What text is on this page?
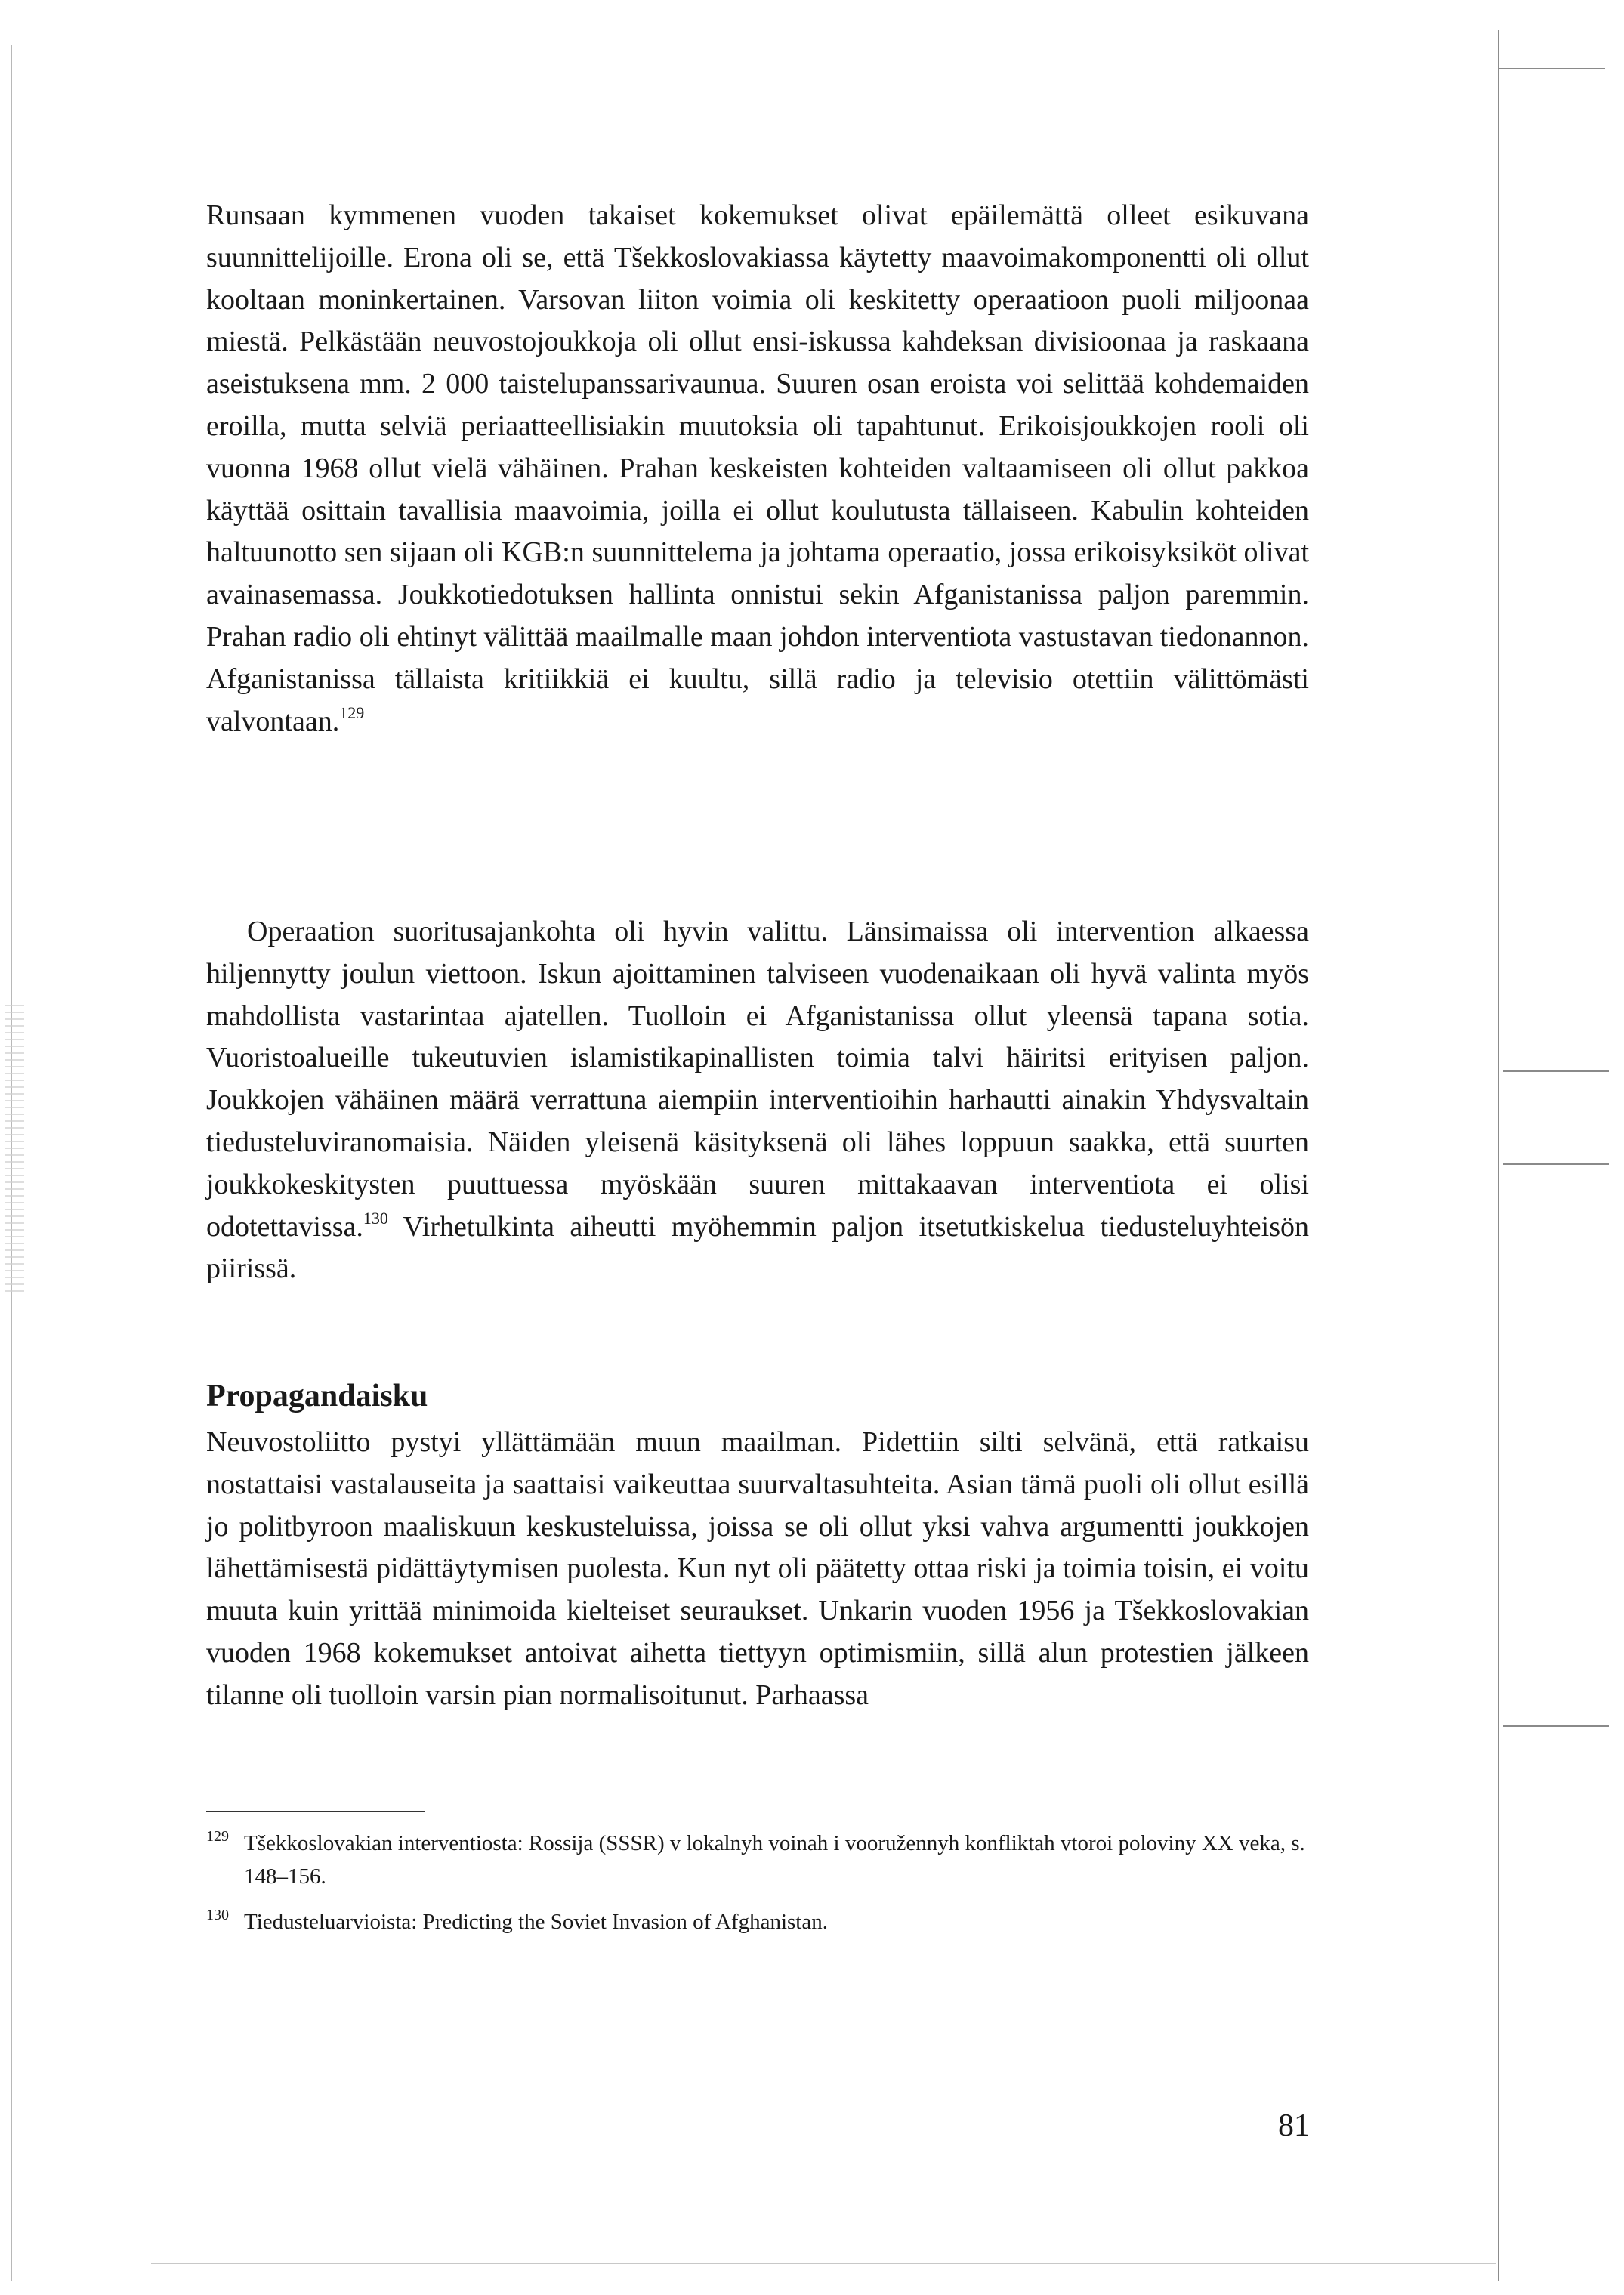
Runsaan kymmenen vuoden takaiset kokemukset olivat epäilemättä olleet esikuvana suunnittelijoille. Erona oli se, että Tšekkoslovakiassa käytetty maavoimakomponentti oli ollut kooltaan moninkertainen. Varsovan liiton voimia oli keskitetty operaatioon puoli miljoonaa miestä. Pelkästään neuvostojoukkoja oli ollut ensi-iskussa kahdeksan divisioonaa ja raskaana aseistuksena mm. 2 000 taistelupanssarivaunua. Suuren osan eroista voi selittää kohdemaiden eroilla, mutta selviä periaatteellisiakin muutoksia oli tapahtunut. Erikoisjoukkojen rooli oli vuonna 1968 ollut vielä vähäinen. Prahan keskeisten kohteiden valtaamiseen oli ollut pakkoa käyttää osittain tavallisia maavoimia, joilla ei ollut koulutusta tällaiseen. Kabulin kohteiden haltuunotto sen sijaan oli KGB:n suunnittelema ja johtama operaatio, jossa erikoisyksiköt olivat avainasemassa. Joukkotiedotuksen hallinta onnistui sekin Afganistanissa paljon paremmin. Prahan radio oli ehtinyt välittää maailmalle maan johdon interventiota vastustavan tiedonannon. Afganistanissa tällaista kritiikkiä ei kuultu, sillä radio ja televisio otettiin välittömästi valvontaan.$^{129}$

Operaation suoritusajankohta oli hyvin valittu. Länsimaissa oli intervention alkaessa hiljennytty joulun viettoon. Iskun ajoittaminen talviseen vuodenaikaan oli hyvä valinta myös mahdollista vastarintaa ajatellen. Tuolloin ei Afganistanissa ollut yleensä tapana sotia. Vuoristoalueille tukeutuvien islamistikapinallisten toimia talvi häiritsi erityisen paljon. Joukkojen vähäinen määrä verrattuna aiempiin interventioihin harhautti ainakin Yhdysvaltain tiedusteluviranomaisia. Näiden yleisenä käsityksenä oli lähes loppuun saakka, että suurten joukkokeskitysten puuttuessa myöskään suuren mittakaavan interventiota ei olisi odotettavissa.$^{130}$ Virhetulkinta aiheutti myöhemmin paljon itsetutkiskelua tiedusteluyhteisön piirissä.

Propagandaisku

Neuvostoliitto pystyi yllättämään muun maailman. Pidettiin silti selvänä, että ratkaisu nostattaisi vastalauseita ja saattaisi vaikeuttaa suurvaltasuhteita. Asian tämä puoli oli ollut esillä jo politbyroon maaliskuun keskusteluissa, joissa se oli ollut yksi vahva argumentti joukkojen lähettämisestä pidättäytymisen puolesta. Kun nyt oli päätetty ottaa riski ja toimia toisin, ei voitu muuta kuin yrittää minimoida kielteiset seuraukset. Unkarin vuoden 1956 ja Tšekkoslovakian vuoden 1968 kokemukset antoivat aihetta tiettyyn optimismiin, sillä alun protestien jälkeen tilanne oli tuolloin varsin pian normalisoitunut. Parhaassa

129 Tšekkoslovakian interventiosta: Rossija (SSSR) v lokalnyh voinah i vooružennyh konfliktah vtoroi poloviny XX veka, s. 148–156.

130 Tiedusteluarvioista: Predicting the Soviet Invasion of Afghanistan.

81
